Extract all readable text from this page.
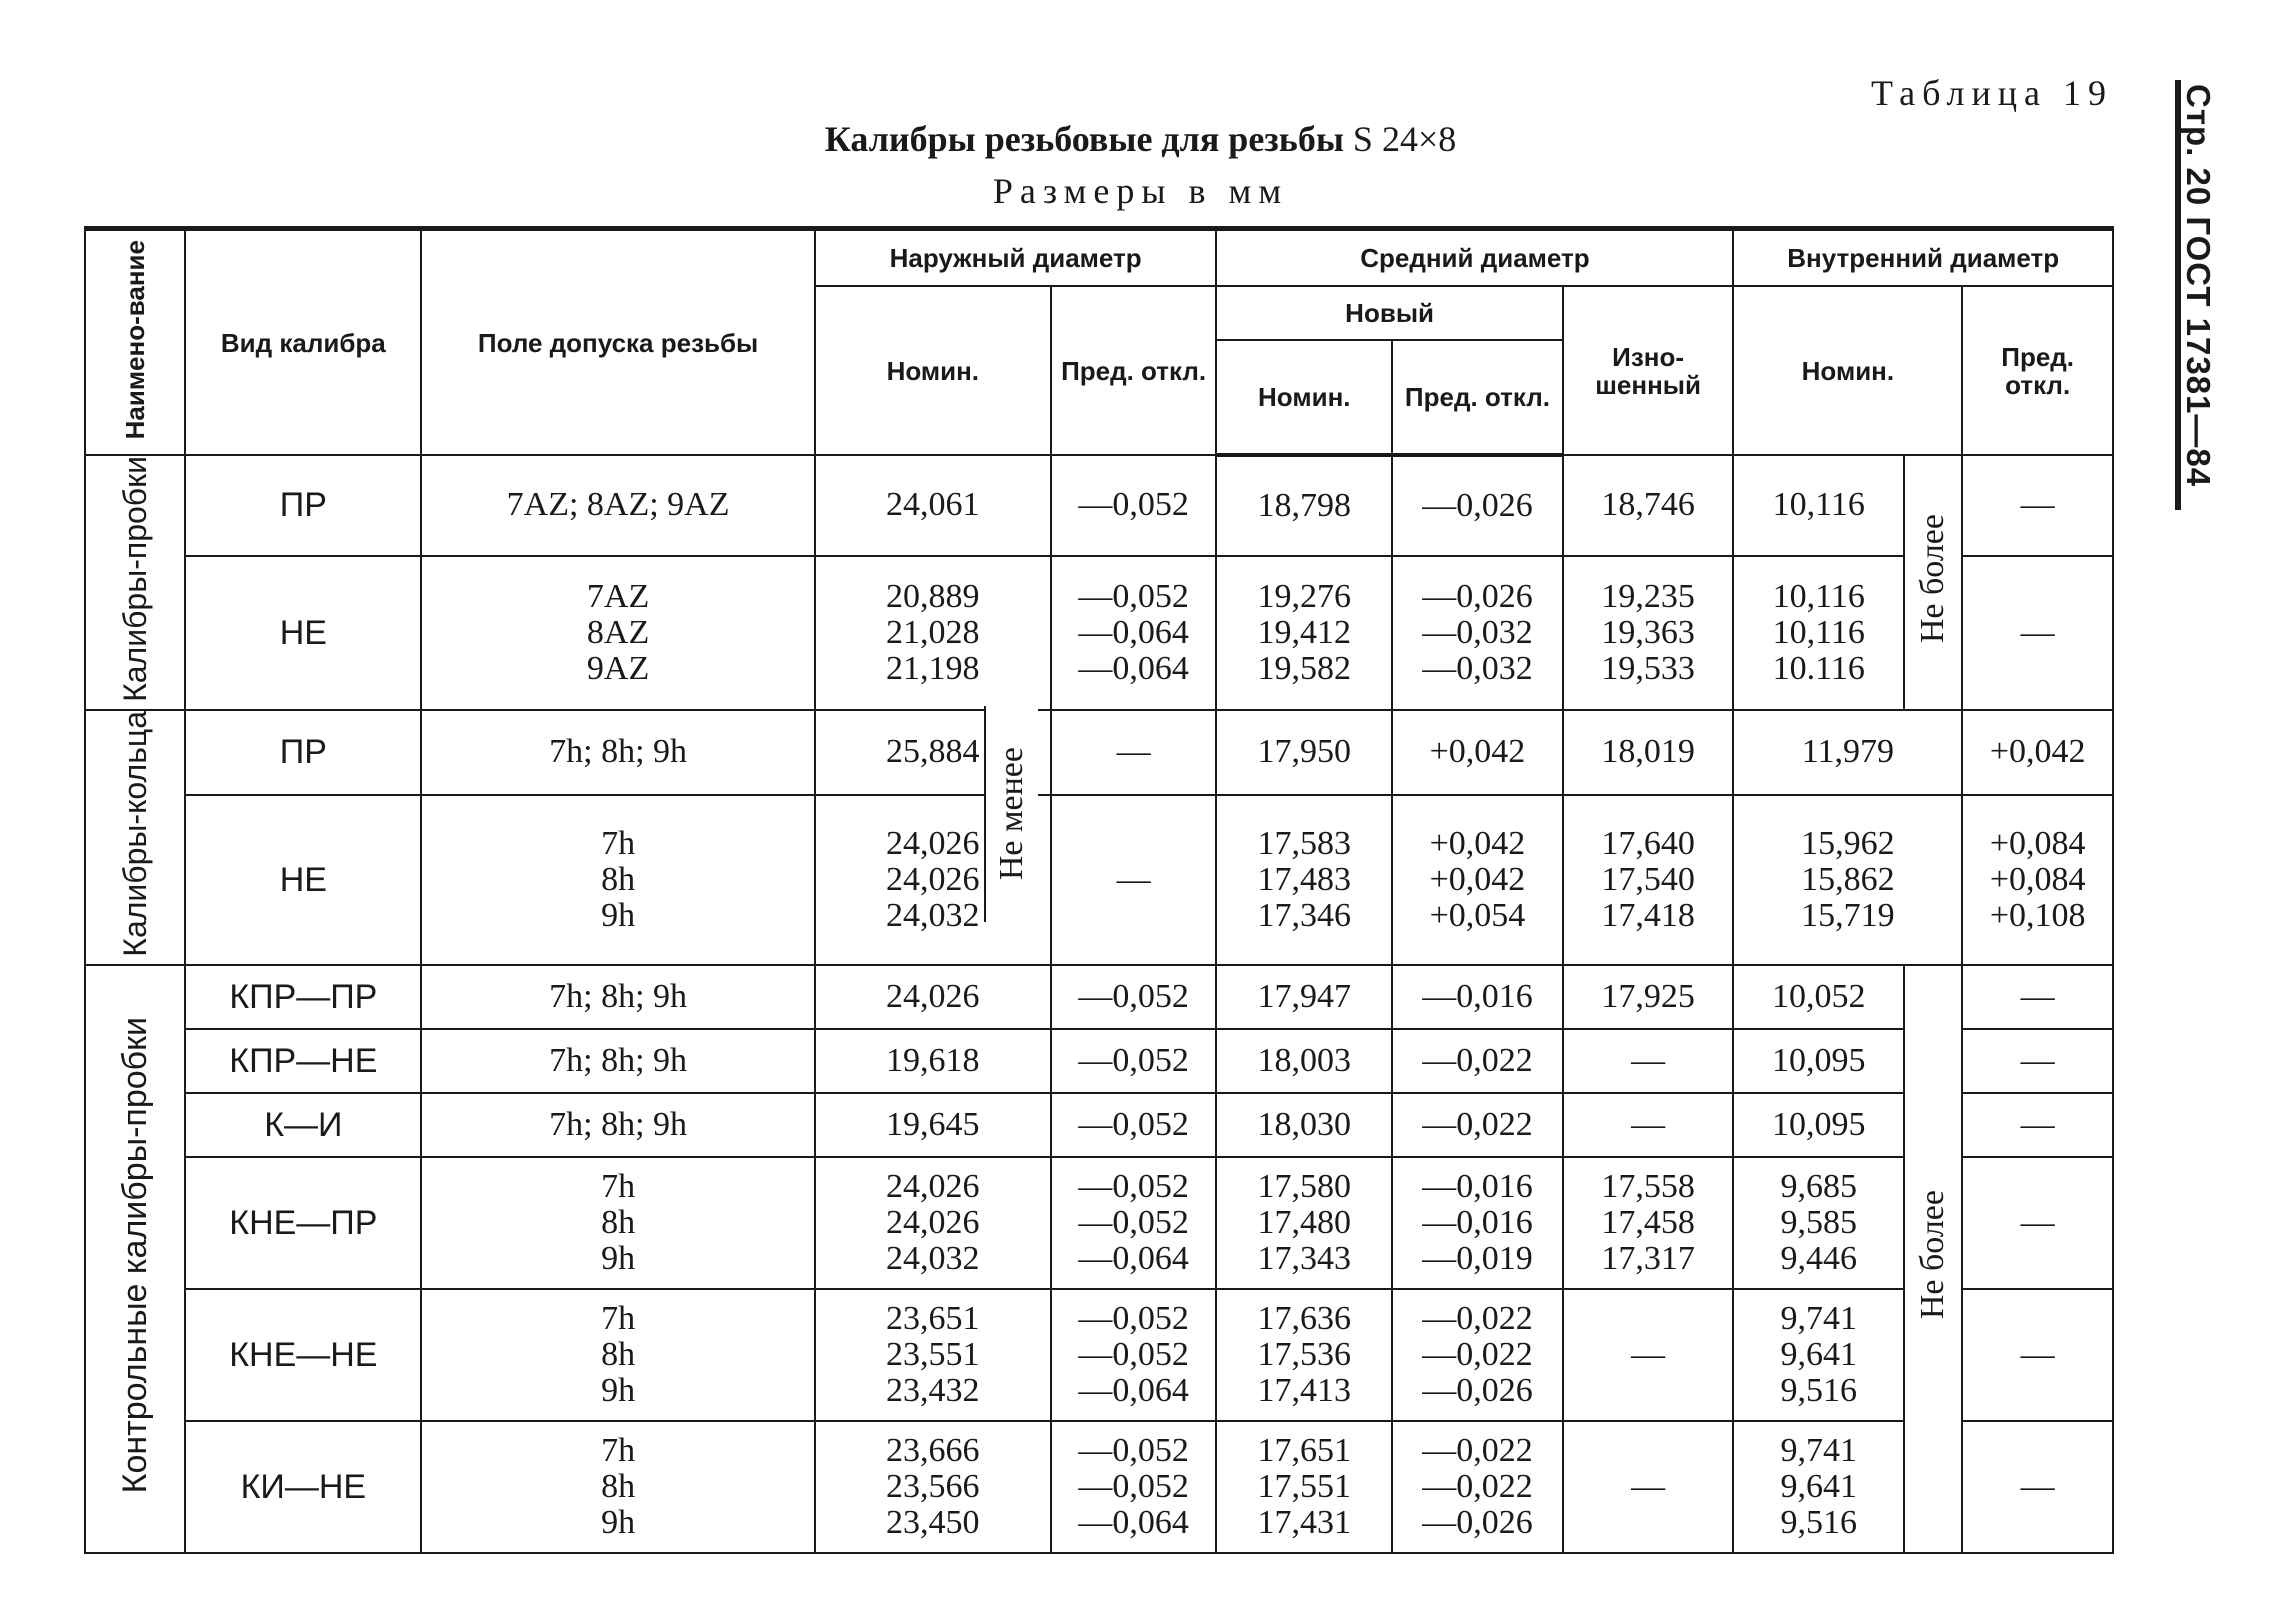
Таблица 19
Калибры резьбовые для резьбы S 24×8
Размеры в мм	Стр. 20 ГОСТ 17381—84
Наимено-вание	Вид калибра	Поле допуска резьбы	Наружный диаметр		Средний диаметр			Внутренний диаметр		
			Номин.	Пред. откл.	Новый		Изно-шенный	Номин.		Пред. откл.
					Номин.	Пред. откл.				
Калибры-пробки	ПР	7AZ; 8AZ; 9AZ	24,061	—0,052	18,798	—0,026	18,746	10,116	Не более	—
	НЕ	7AZ
8AZ
9AZ	20,889
21,028
21,198	—0,052
—0,064
—0,064	19,276
19,412
19,582	—0,026
—0,032
—0,032	19,235
19,363
19,533	10,116
10,116
10.116		—
Калибры-кольца	ПР	7h; 8h; 9h	25,884	—	17,950	+0,042	18,019	11,979		+0,042
	НЕ	7h
8h
9h	24,026
24,026
24,032	—	17,583
17,483
17,346	+0,042
+0,042
+0,054	17,640
17,540
17,418	15,962
15,862
15,719		+0,084
+0,084
+0,108
Контрольные калибры-пробки	КПР—ПР	7h; 8h; 9h	24,026	—0,052	17,947	—0,016	17,925	10,052	Не более	—
	КПР—НЕ	7h; 8h; 9h	19,618	—0,052	18,003	—0,022	—	10,095		—
	К—И	7h; 8h; 9h	19,645	—0,052	18,030	—0,022	—	10,095		—
	КНЕ—ПР	7h
8h
9h	24,026
24,026
24,032	—0,052
—0,052
—0,064	17,580
17,480
17,343	—0,016
—0,016
—0,019	17,558
17,458
17,317	9,685
9,585
9,446		—
	КНЕ—НЕ	7h
8h
9h	23,651
23,551
23,432	—0,052
—0,052
—0,064	17,636
17,536
17,413	—0,022
—0,022
—0,026	—	9,741
9,641
9,516		—
	КИ—НЕ	7h
8h
9h	23,666
23,566
23,450	—0,052
—0,052
—0,064	17,651
17,551
17,431	—0,022
—0,022
—0,026	—	9,741
9,641
9,516		—
Не менее
